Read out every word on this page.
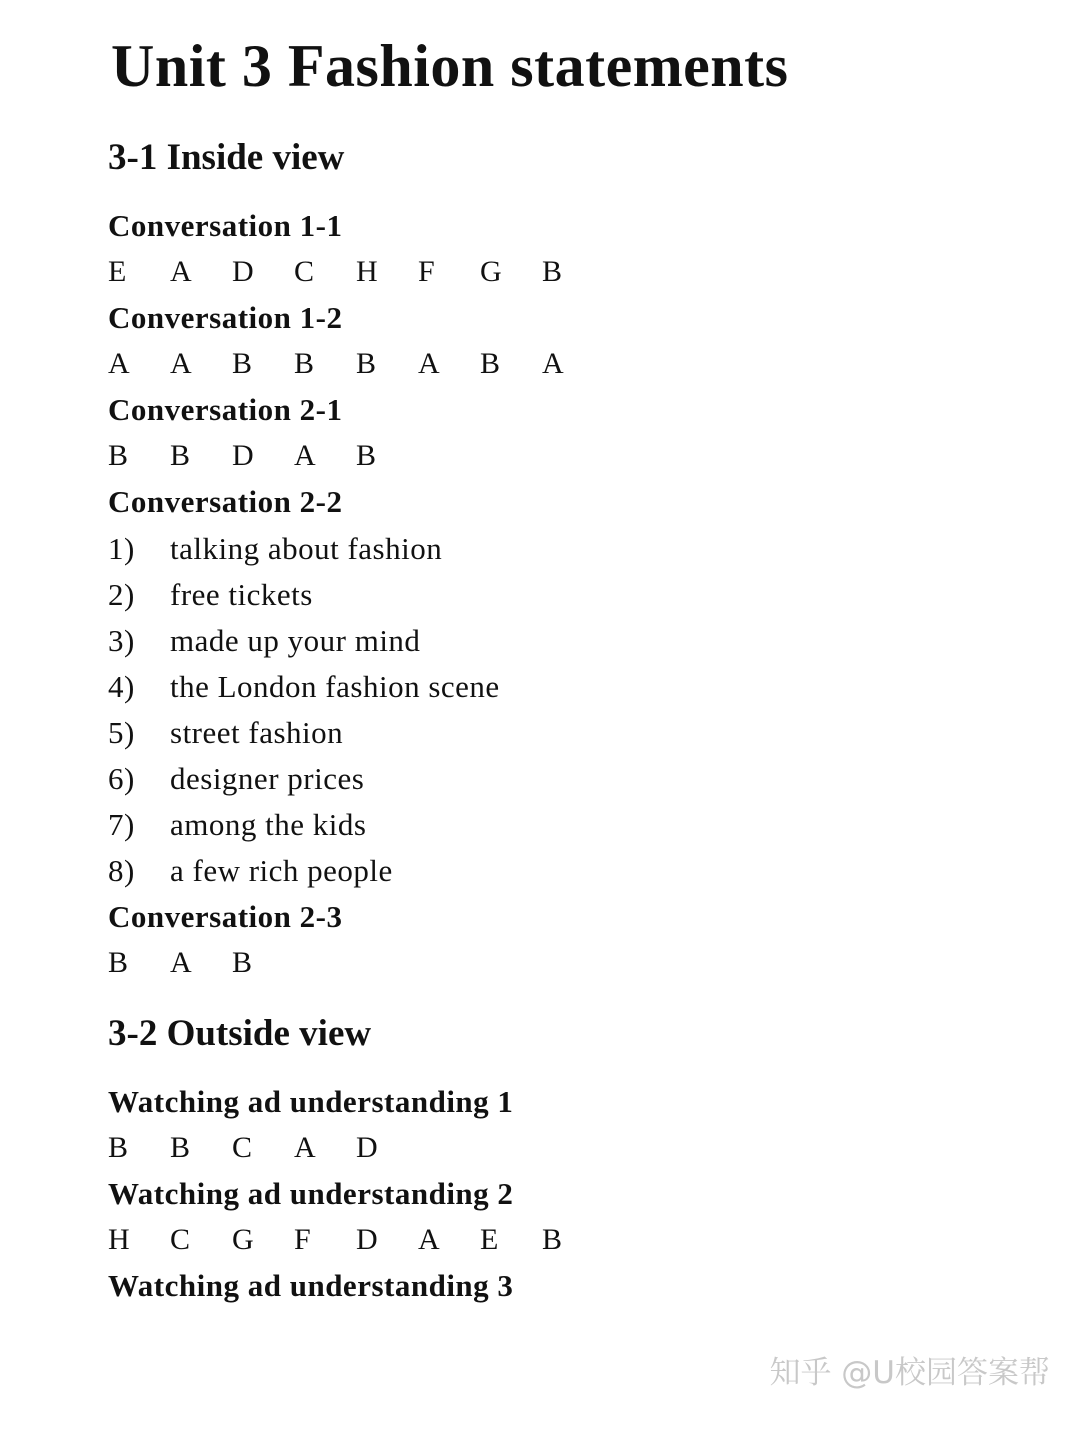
Unit 3 Fashion statements
3-1 Inside view
Conversation 1-1
E A D C H F G B
Conversation 1-2
A A B B B A B A
Conversation 2-1
B B D A B
Conversation 2-2
1) talking about fashion
2) free tickets
3) made up your mind
4) the London fashion scene
5) street fashion
6) designer prices
7) among the kids
8) a few rich people
Conversation 2-3
B A B
3-2 Outside view
Watching ad understanding 1
B B C A D
Watching ad understanding 2
H C G F D A E B
Watching ad understanding 3
知乎 @U校园答案帮
